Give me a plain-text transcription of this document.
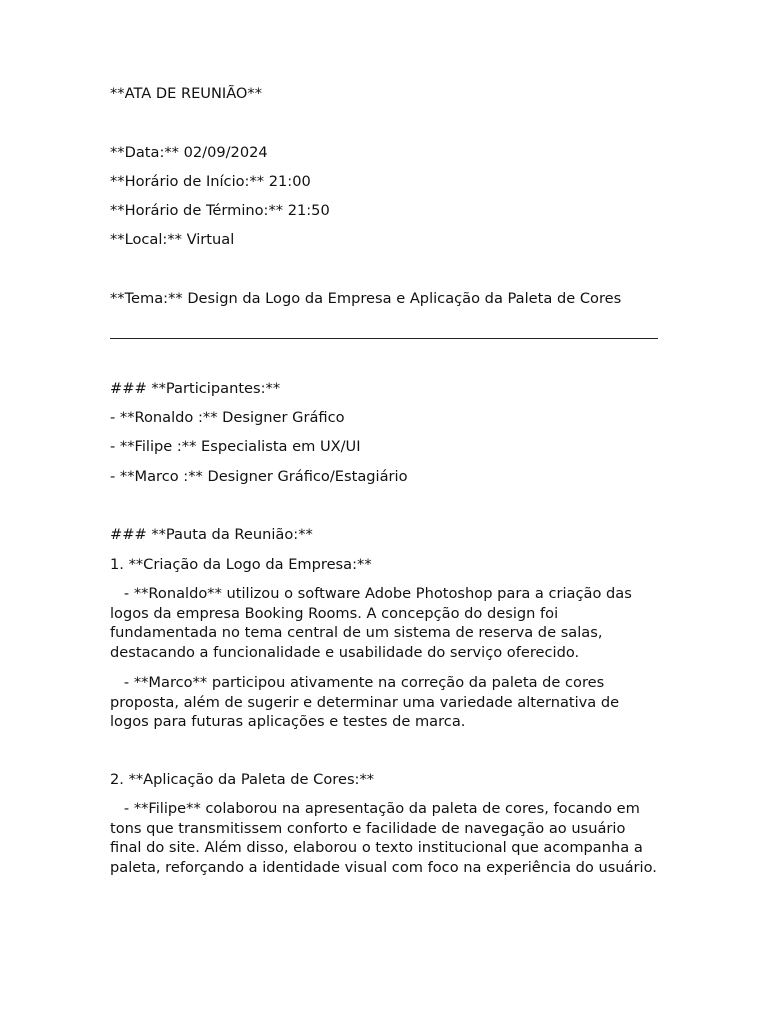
**ATA DE REUNIÃO**
**Data:** 02/09/2024
**Horário de Início:** 21:00
**Horário de Término:** 21:50
**Local:** Virtual
**Tema:** Design da Logo da Empresa e Aplicação da Paleta de Cores
### **Participantes:**
- **Ronaldo :** Designer Gráfico
- **Filipe :** Especialista em UX/UI
- **Marco :** Designer Gráfico/Estagiário
### **Pauta da Reunião:**
1. **Criação da Logo da Empresa:**
- **Ronaldo** utilizou o software Adobe Photoshop para a criação das logos da empresa Booking Rooms. A concepção do design foi fundamentada no tema central de um sistema de reserva de salas, destacando a funcionalidade e usabilidade do serviço oferecido.
- **Marco** participou ativamente na correção da paleta de cores proposta, além de sugerir e determinar uma variedade alternativa de logos para futuras aplicações e testes de marca.
2. **Aplicação da Paleta de Cores:**
- **Filipe** colaborou na apresentação da paleta de cores, focando em tons que transmitissem conforto e facilidade de navegação ao usuário final do site. Além disso, elaborou o texto institucional que acompanha a paleta, reforçando a identidade visual com foco na experiência do usuário.
